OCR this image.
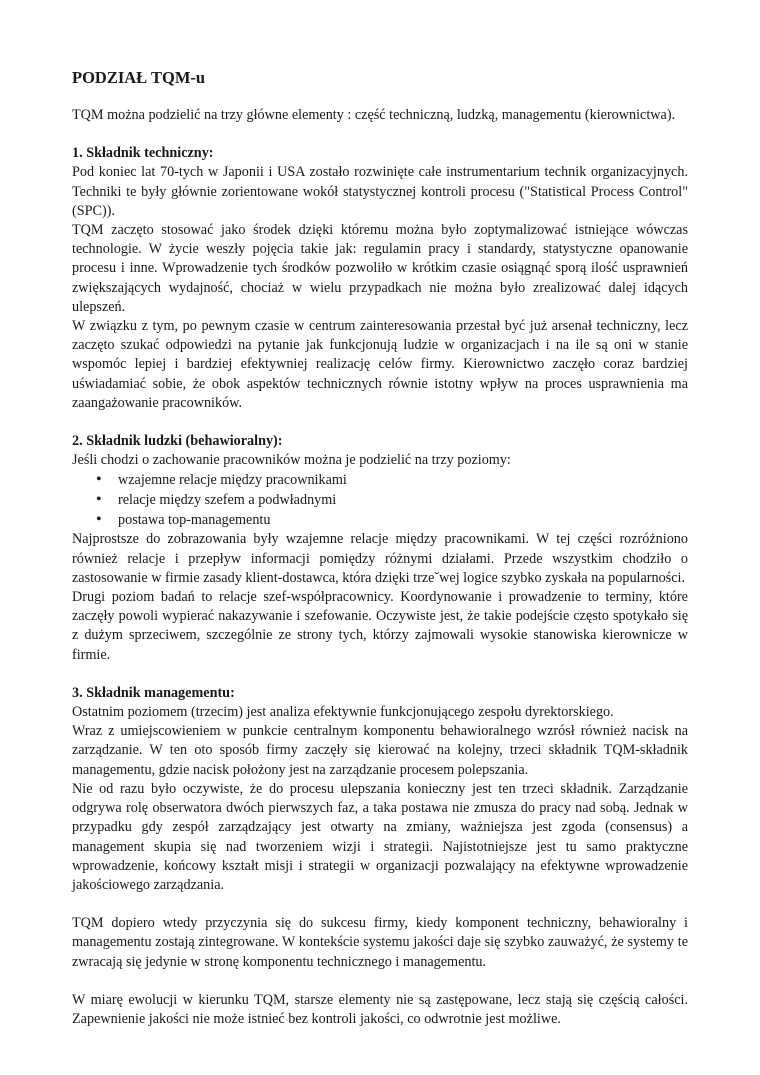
PODZIAŁ TQM-u

TQM można podzielić na trzy główne elementy : część techniczną, ludzką, managementu (kierownictwa).

1. Składnik techniczny:

Pod koniec lat 70-tych w Japonii i USA zostało rozwinięte całe instrumentarium technik organizacyjnych. Techniki te były głównie zorientowane wokół statystycznej kontroli procesu ("Statistical Process Control" (SPC)).

TQM zaczęto stosować jako środek dzięki któremu można było zoptymalizować istniejące wówczas technologie. W życie weszły pojęcia takie jak: regulamin pracy i standardy, statystyczne opanowanie procesu i inne. Wprowadzenie tych środków pozwoliło w krótkim czasie osiągnąć sporą ilość usprawnień zwiększających wydajność, chociaż w wielu przypadkach nie można było zrealizować dalej idących ulepszeń.

W związku z tym, po pewnym czasie w centrum zainteresowania przestał być już arsenał techniczny, lecz zaczęto szukać odpowiedzi na pytanie jak funkcjonują ludzie w organizacjach i na ile są oni w stanie wspomóc lepiej i bardziej efektywniej realizację celów firmy. Kierownictwo zaczęło coraz bardziej uświadamiać sobie, że obok aspektów technicznych równie istotny wpływ na proces usprawnienia ma zaangażowanie pracowników.

2. Składnik ludzki (behawioralny):

Jeśli chodzi o zachowanie pracowników można je podzielić na trzy poziomy:

• wzajemne relacje między pracownikami
• relacje między szefem a podwładnymi
• postawa top-managementu

Najprostsze do zobrazowania były wzajemne relacje między pracownikami. W tej części rozróżniono również relacje i przepływ informacji pomiędzy różnymi działami. Przede wszystkim chodziło o zastosowanie w firmie zasady klient-dostawca, która dzięki trze˘wej logice szybko zyskała na popularności.

Drugi poziom badań to relacje szef-współpracownicy. Koordynowanie i prowadzenie to terminy, które zaczęły powoli wypierać nakazywanie i szefowanie. Oczywiste jest, że takie podejście często spotykało się z dużym sprzeciwem, szczególnie ze strony tych, którzy zajmowali wysokie stanowiska kierownicze w firmie.

3. Składnik managementu:

Ostatnim poziomem (trzecim) jest analiza efektywnie funkcjonującego zespołu dyrektorskiego.

Wraz z umiejscowieniem w punkcie centralnym komponentu behawioralnego wzrósł również nacisk na zarządzanie. W ten oto sposób firmy zaczęły się kierować na kolejny, trzeci składnik TQM-składnik managementu, gdzie nacisk położony jest na zarządzanie procesem polepszania.

Nie od razu było oczywiste, że do procesu ulepszania konieczny jest ten trzeci składnik. Zarządzanie odgrywa rolę obserwatora dwóch pierwszych faz, a taka postawa nie zmusza do pracy nad sobą. Jednak w przypadku gdy zespół zarządzający jest otwarty na zmiany, ważniejsza jest zgoda (consensus) a management skupia się nad tworzeniem wizji i strategii. Najistotniejsze jest tu samo praktyczne wprowadzenie, końcowy kształt misji i strategii w organizacji pozwalający na efektywne wprowadzenie jakościowego zarządzania.

TQM dopiero wtedy przyczynia się do sukcesu firmy, kiedy komponent techniczny, behawioralny i managementu zostają zintegrowane. W kontekście systemu jakości daje się szybko zauważyć, że systemy te zwracają się jedynie w stronę komponentu technicznego i managementu.

W miarę ewolucji w kierunku TQM, starsze elementy nie są zastępowane, lecz stają się częścią całości. Zapewnienie jakości nie może istnieć bez kontroli jakości, co odwrotnie jest możliwe.
